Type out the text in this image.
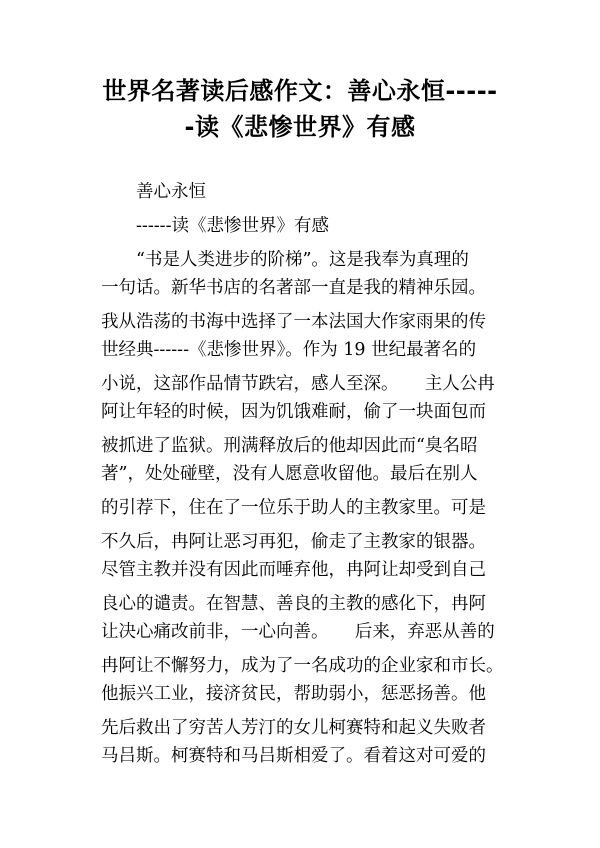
世界名著读后感作文：善心永恒-----
-读《悲惨世界》有感
　　善心永恒
　　------读《悲惨世界》有感
　　“书是人类进步的阶梯”。这是我奉为真理的
一句话。新华书店的名著部一直是我的精神乐园。
我从浩荡的书海中选择了一本法国大作家雨果的传
世经典------《悲惨世界》。作为 19 世纪最著名的
小说，这部作品情节跌宕，感人至深。　　主人公冉
阿让年轻的时候，因为饥饿难耐，偷了一块面包而
被抓进了监狱。刑满释放后的他却因此而“臭名昭
著”，处处碰壁，没有人愿意收留他。最后在别人
的引荐下，住在了一位乐于助人的主教家里。可是
不久后，冉阿让恶习再犯，偷走了主教家的银器。
尽管主教并没有因此而唾弃他，冉阿让却受到自己
良心的谴责。在智慧、善良的主教的感化下，冉阿
让决心痛改前非，一心向善。　　后来，弃恶从善的
冉阿让不懈努力，成为了一名成功的企业家和市长。
他振兴工业，接济贫民，帮助弱小，惩恶扬善。他
先后救出了穷苦人芳汀的女儿柯赛特和起义失败者
马吕斯。柯赛特和马吕斯相爱了。看着这对可爱的
